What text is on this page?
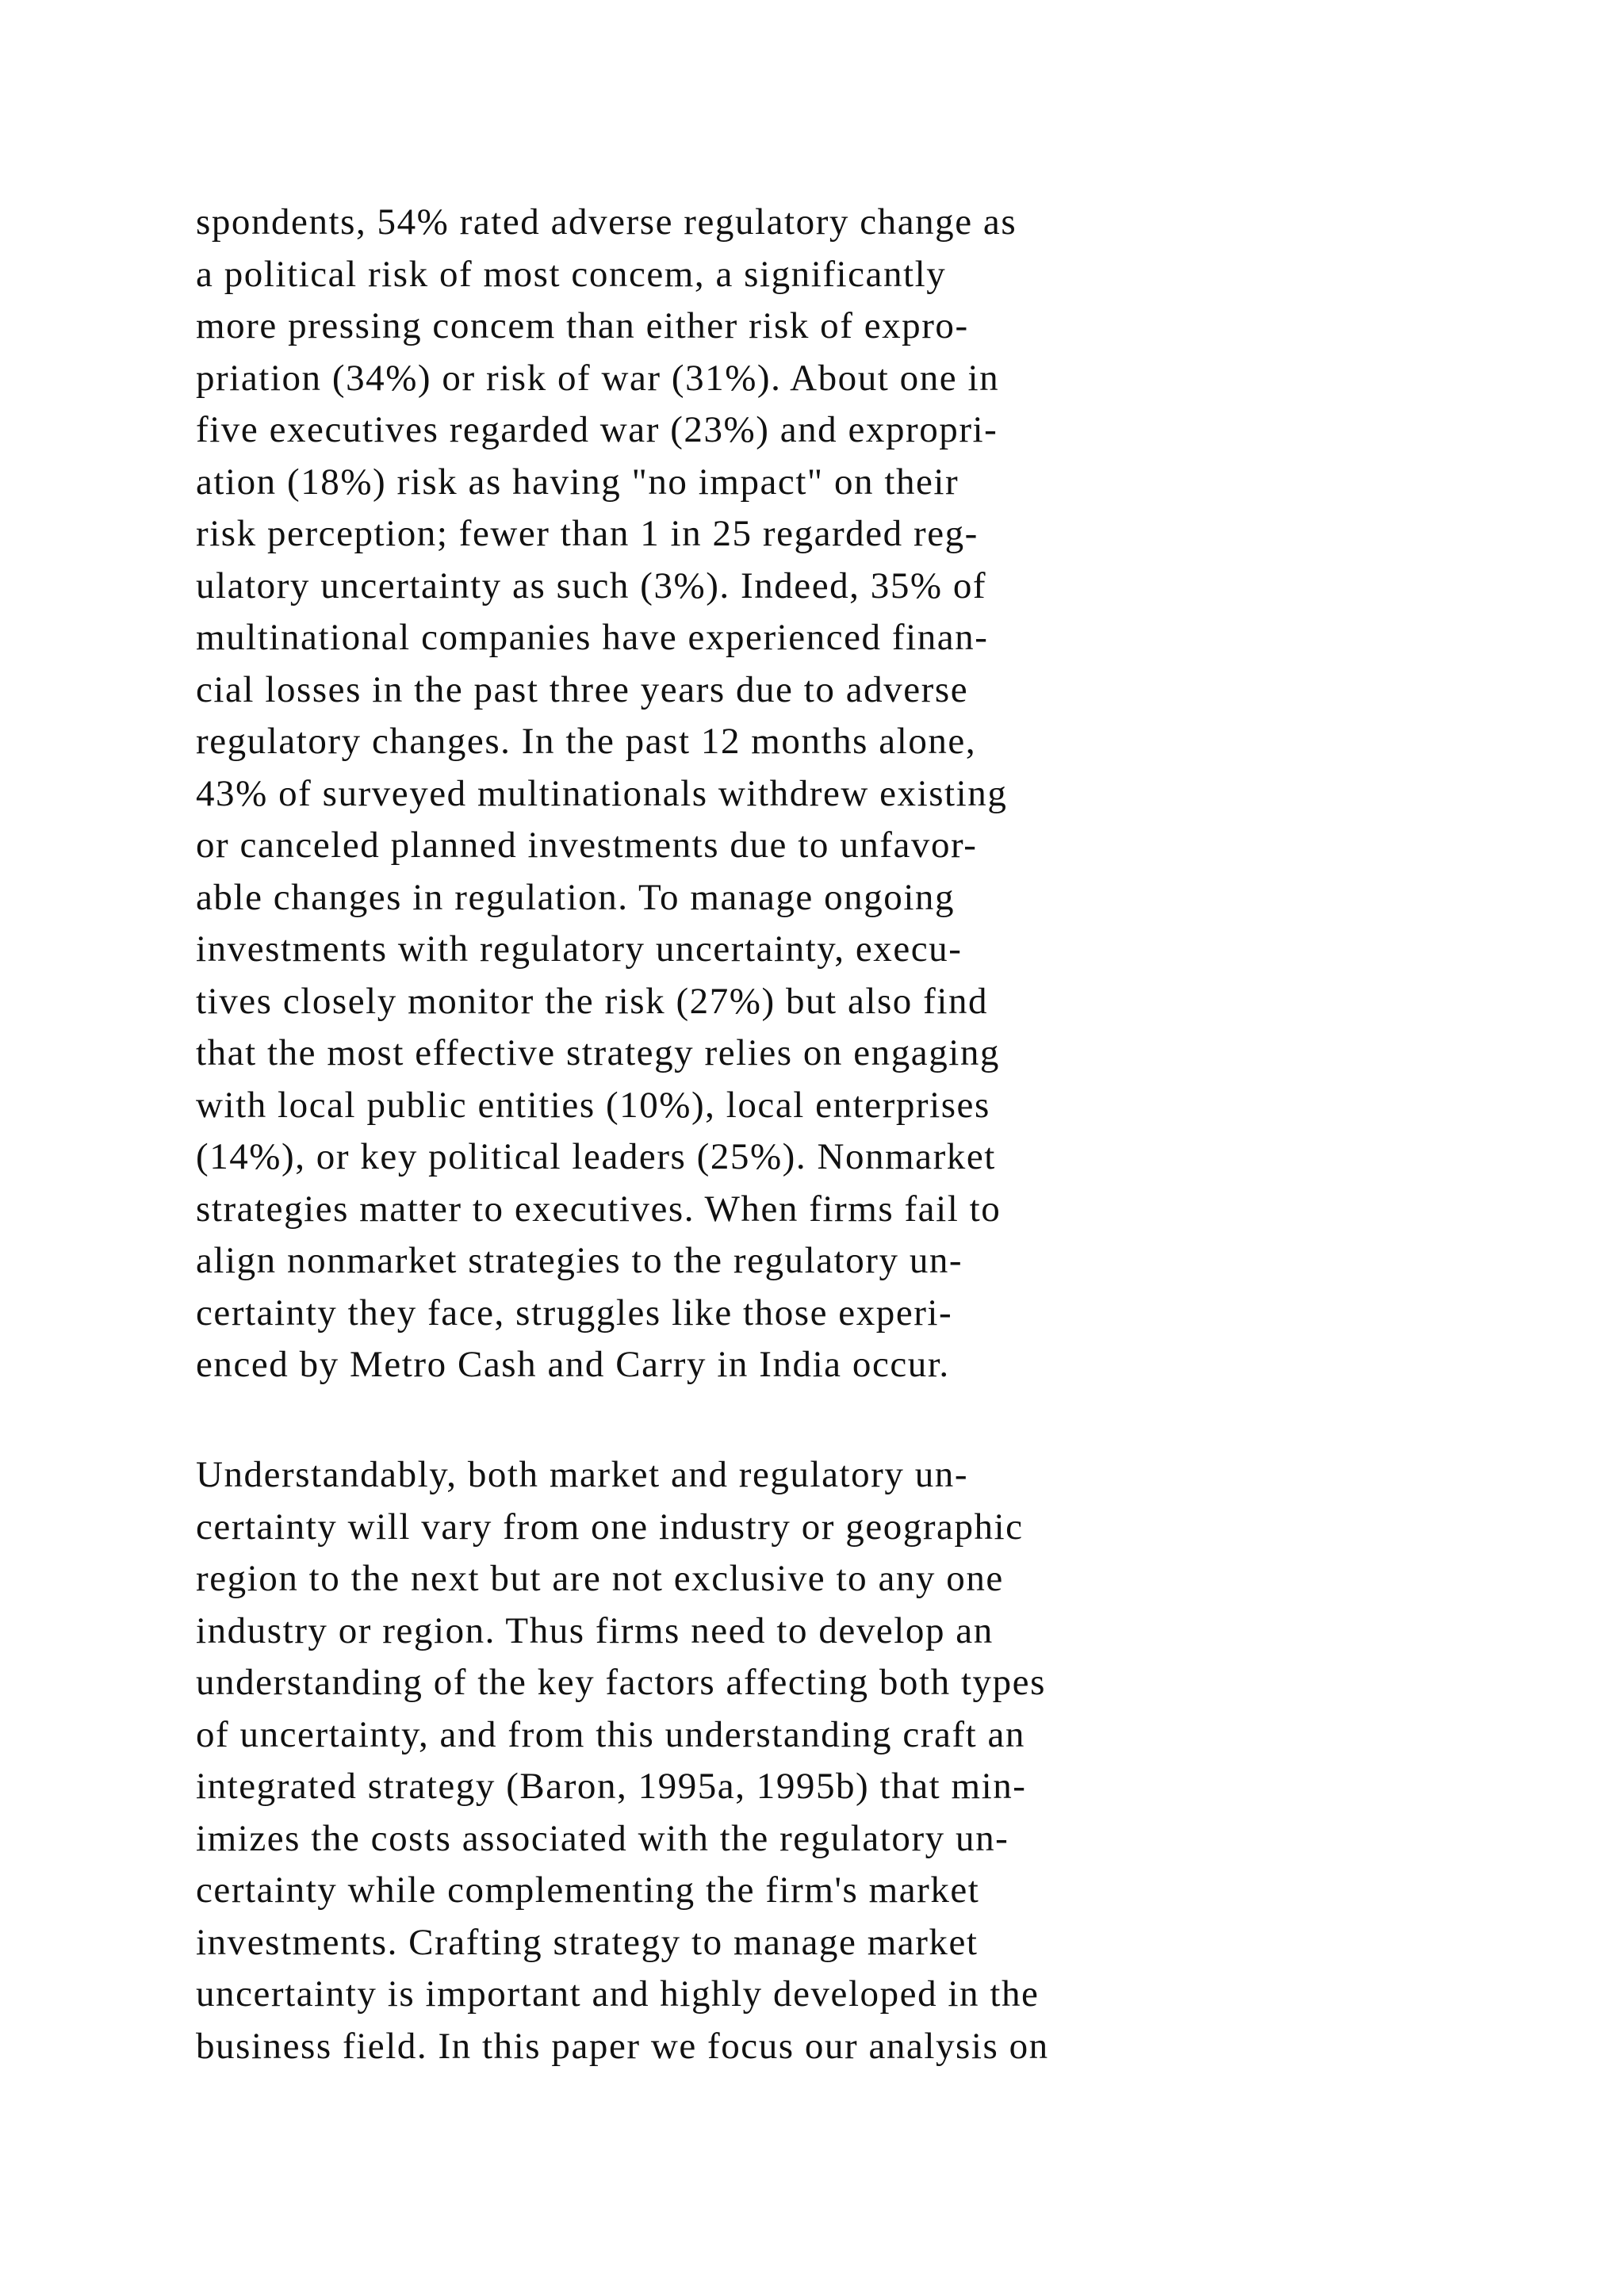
spondents, 54% rated adverse regulatory change as
a political risk of most concem, a significantly
more pressing concem than either risk of expro-
priation (34%) or risk of war (31%). About one in
five executives regarded war (23%) and expropri-
ation (18%) risk as having "no impact" on their
risk perception; fewer than 1 in 25 regarded reg-
ulatory uncertainty as such (3%). Indeed, 35% of
multinational companies have experienced finan-
cial losses in the past three years due to adverse
regulatory changes. In the past 12 months alone,
43% of surveyed multinationals withdrew existing
or canceled planned investments due to unfavor-
able changes in regulation. To manage ongoing
investments with regulatory uncertainty, execu-
tives closely monitor the risk (27%) but also find
that the most effective strategy relies on engaging
with local public entities (10%), local enterprises
(14%), or key political leaders (25%). Nonmarket
strategies matter to executives. When firms fail to
align nonmarket strategies to the regulatory un-
certainty they face, struggles like those experi-
enced by Metro Cash and Carry in India occur.
Understandably, both market and regulatory un-
certainty will vary from one industry or geographic
region to the next but are not exclusive to any one
industry or region. Thus firms need to develop an
understanding of the key factors affecting both types
of uncertainty, and from this understanding craft an
integrated strategy (Baron, 1995a, 1995b) that min-
imizes the costs associated with the regulatory un-
certainty while complementing the firm's market
investments. Crafting strategy to manage market
uncertainty is important and highly developed in the
business field. In this paper we focus our analysis on
